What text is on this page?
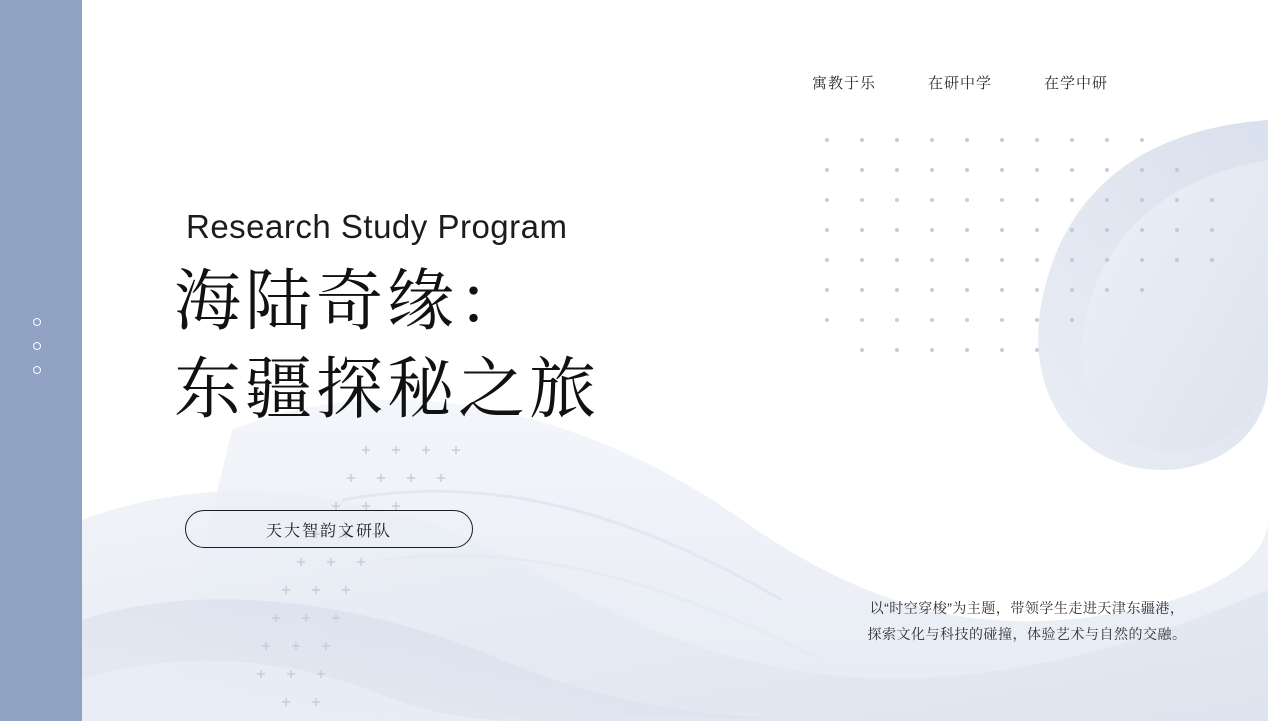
寓教于乐	在研中学	在学中研
Research Study Program
海陆奇缘：
东疆探秘之旅
天大智韵文研队
以“时空穿梭”为主题，带领学生走进天津东疆港，
探索文化与科技的碰撞，体验艺术与自然的交融。
